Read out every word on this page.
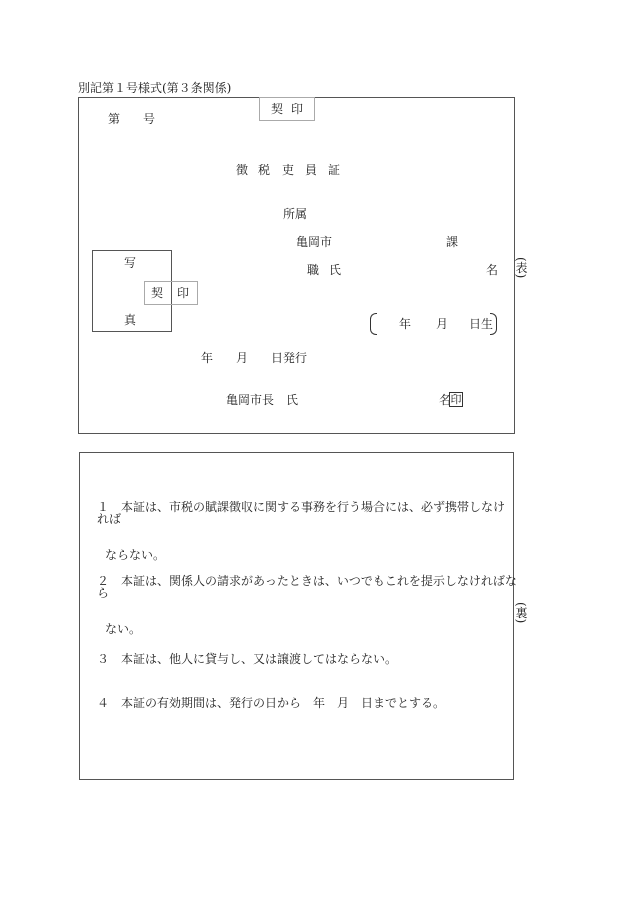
別記第１号様式(第３条関係)
第 号
契 印
徴 税 吏 員 証
所属
亀岡市	課
写
真
契 印
職氏	名 (表)
年 月 日生
年 月 日発行
亀岡市長　氏	名 印
(裏)
１　 本証は、市税の賦課徴収に関する事務を行う場合には、必ず携帯しなければ
ならない。
２　 本証は、関係人の請求があったときは、いつでもこれを提示しなければなら
ない。
３　 本証は、他人に貸与し、又は譲渡してはならない。
４　 本証の有効期間は、発行の日から　年　月　日までとする。
